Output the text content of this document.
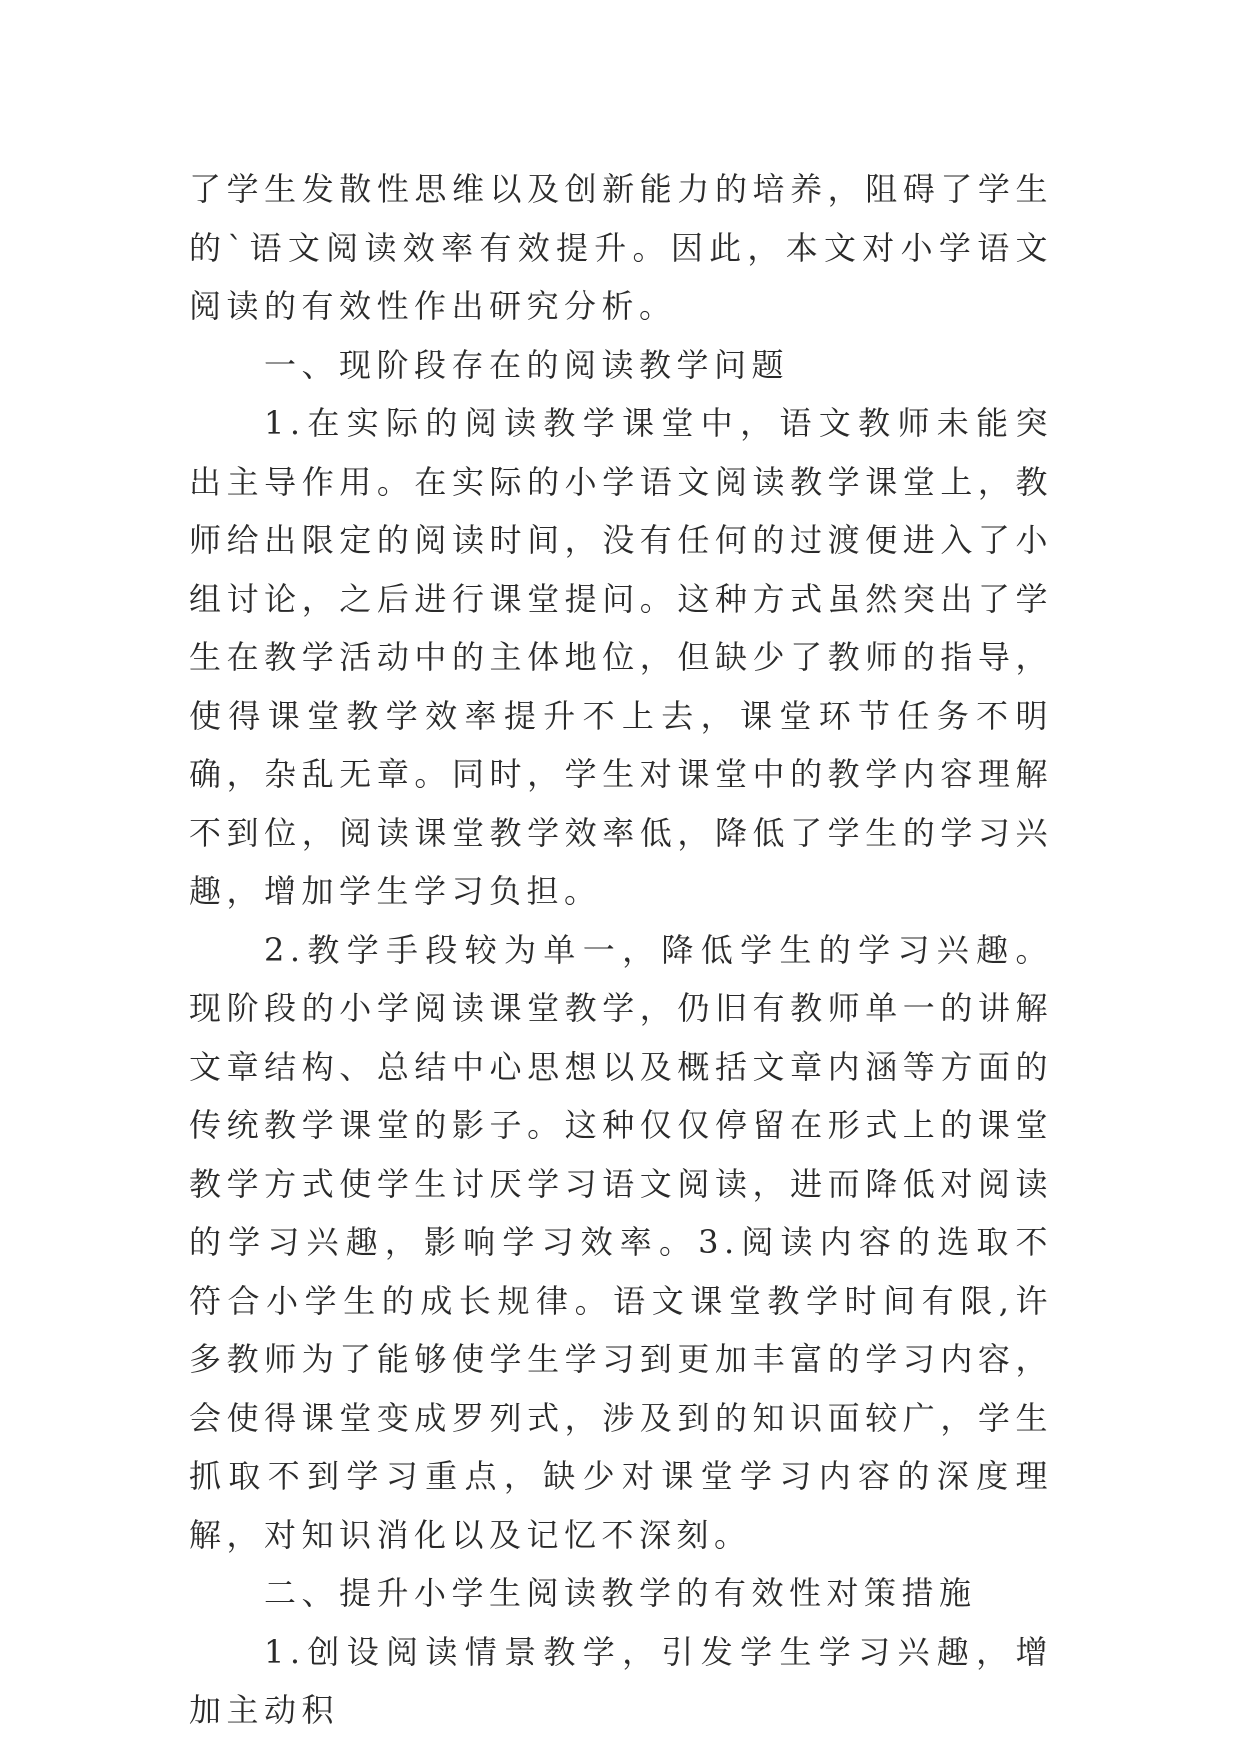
了学生发散性思维以及创新能力的培养，阻碍了学生的`语文阅读效率有效提升。因此，本文对小学语文阅读的有效性作出研究分析。

一、现阶段存在的阅读教学问题

1.在实际的阅读教学课堂中，语文教师未能突出主导作用。在实际的小学语文阅读教学课堂上，教师给出限定的阅读时间，没有任何的过渡便进入了小组讨论，之后进行课堂提问。这种方式虽然突出了学生在教学活动中的主体地位，但缺少了教师的指导，使得课堂教学效率提升不上去，课堂环节任务不明确，杂乱无章。同时，学生对课堂中的教学内容理解不到位，阅读课堂教学效率低，降低了学生的学习兴趣，增加学生学习负担。

2.教学手段较为单一，降低学生的学习兴趣。现阶段的小学阅读课堂教学，仍旧有教师单一的讲解文章结构、总结中心思想以及概括文章内涵等方面的传统教学课堂的影子。这种仅仅停留在形式上的课堂教学方式使学生讨厌学习语文阅读，进而降低对阅读的学习兴趣，影响学习效率。3.阅读内容的选取不符合小学生的成长规律。语文课堂教学时间有限,许多教师为了能够使学生学习到更加丰富的学习内容，会使得课堂变成罗列式，涉及到的知识面较广，学生抓取不到学习重点，缺少对课堂学习内容的深度理解，对知识消化以及记忆不深刻。

二、提升小学生阅读教学的有效性对策措施

1.创设阅读情景教学，引发学生学习兴趣，增加主动积
